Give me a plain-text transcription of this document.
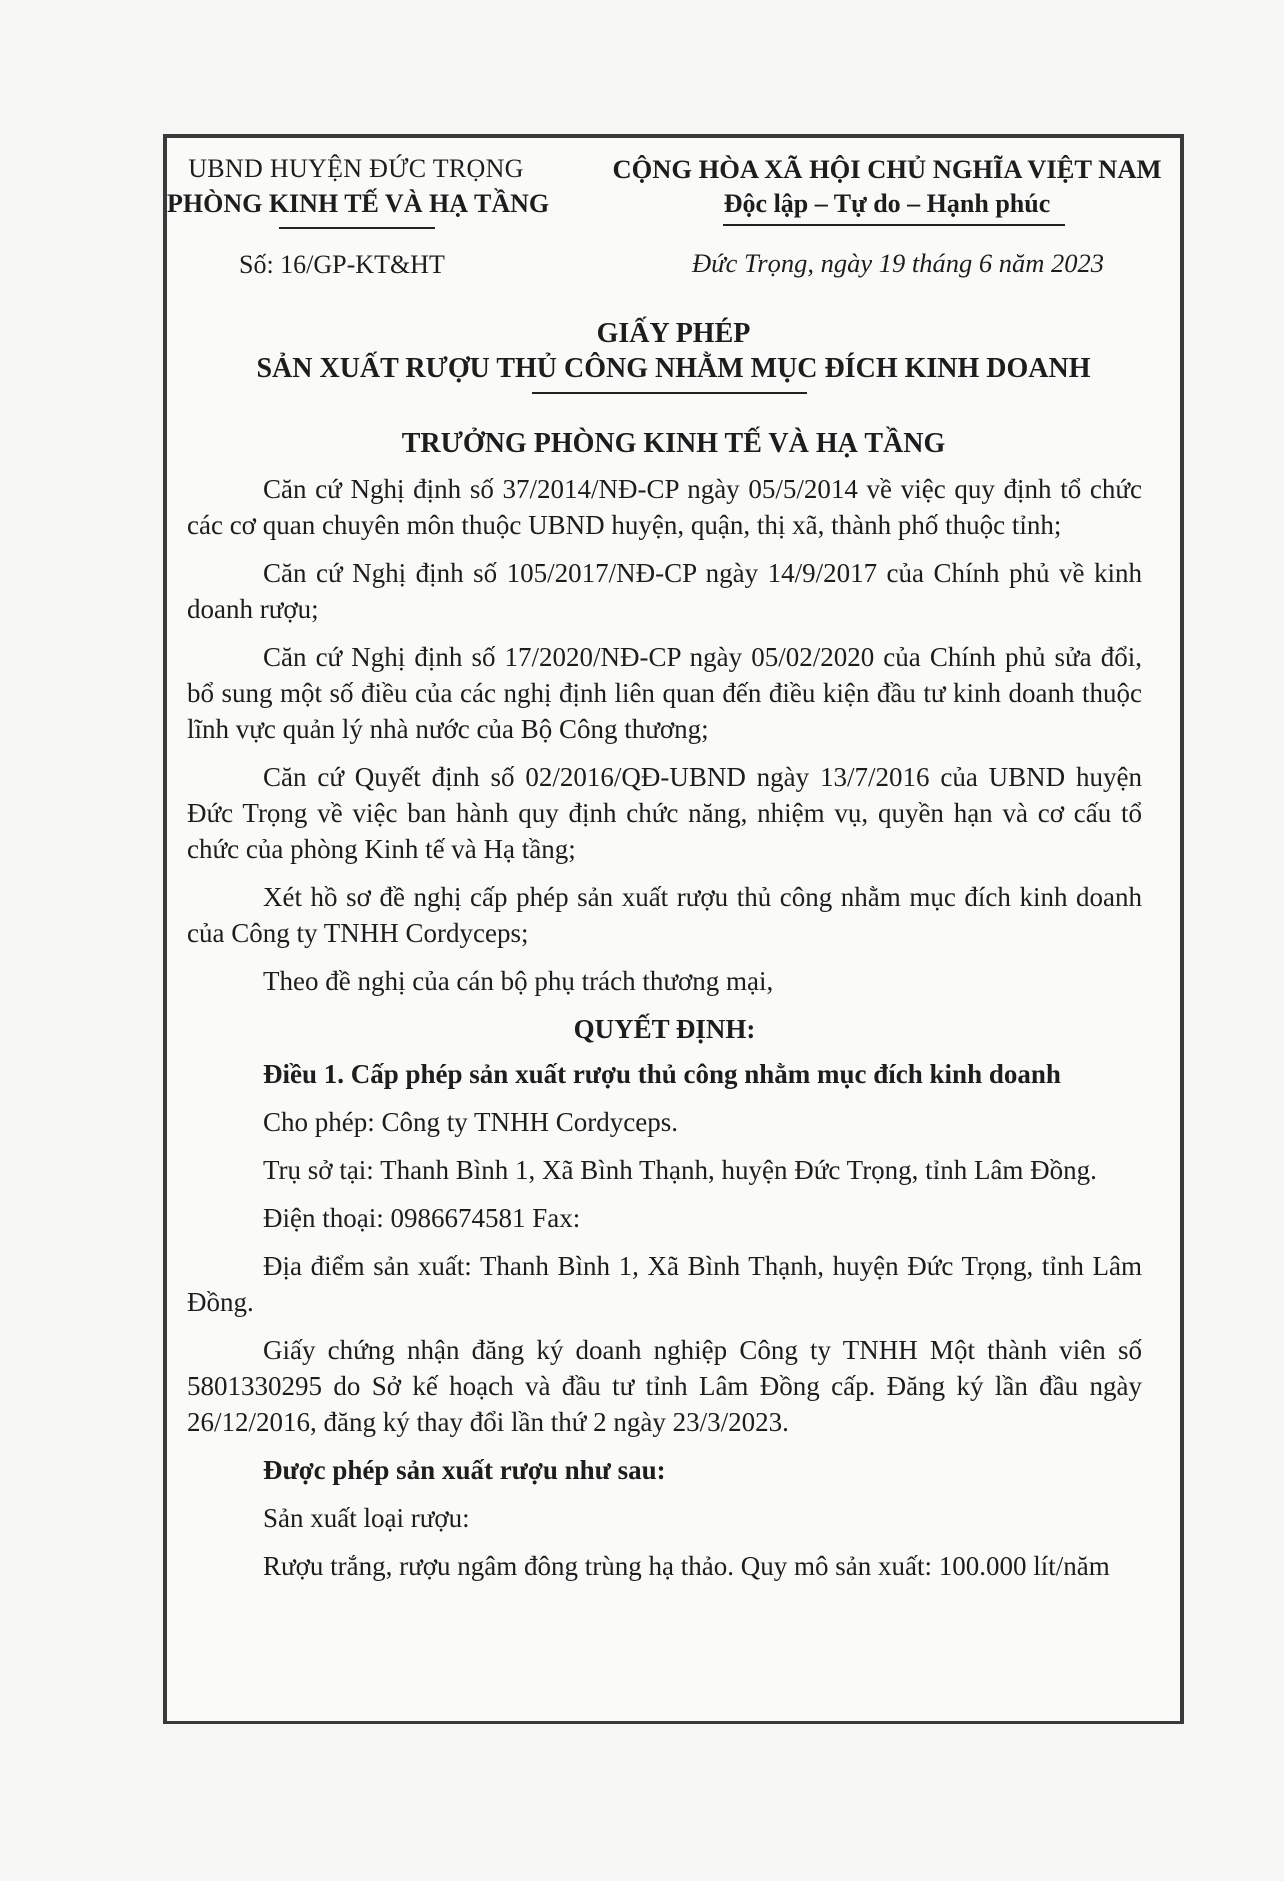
UBND HUYỆN ĐỨC TRỌNG
PHÒNG KINH TẾ VÀ HẠ TẦNG
CỘNG HÒA XÃ HỘI CHỦ NGHĨA VIỆT NAM
Độc lập – Tự do – Hạnh phúc
Số: 16/GP-KT&HT	Đức Trọng, ngày 19 tháng 6 năm 2023
GIẤY PHÉP
SẢN XUẤT RƯỢU THỦ CÔNG NHẰM MỤC ĐÍCH KINH DOANH
TRƯỞNG PHÒNG KINH TẾ VÀ HẠ TẦNG

Căn cứ Nghị định số 37/2014/NĐ-CP ngày 05/5/2014 về việc quy định tổ chức các cơ quan chuyên môn thuộc UBND huyện, quận, thị xã, thành phố thuộc tỉnh;

Căn cứ Nghị định số 105/2017/NĐ-CP ngày 14/9/2017 của Chính phủ về kinh doanh rượu;

Căn cứ Nghị định số 17/2020/NĐ-CP ngày 05/02/2020 của Chính phủ sửa đổi, bổ sung một số điều của các nghị định liên quan đến điều kiện đầu tư kinh doanh thuộc lĩnh vực quản lý nhà nước của Bộ Công thương;

Căn cứ Quyết định số 02/2016/QĐ-UBND ngày 13/7/2016 của UBND huyện Đức Trọng về việc ban hành quy định chức năng, nhiệm vụ, quyền hạn và cơ cấu tổ chức của phòng Kinh tế và Hạ tầng;

Xét hồ sơ đề nghị cấp phép sản xuất rượu thủ công nhằm mục đích kinh doanh của Công ty TNHH Cordyceps;

Theo đề nghị của cán bộ phụ trách thương mại,

QUYẾT ĐỊNH:

Điều 1. Cấp phép sản xuất rượu thủ công nhằm mục đích kinh doanh

Cho phép: Công ty TNHH Cordyceps.

Trụ sở tại: Thanh Bình 1, Xã Bình Thạnh, huyện Đức Trọng, tỉnh Lâm Đồng.

Điện thoại: 0986674581 Fax:

Địa điểm sản xuất: Thanh Bình 1, Xã Bình Thạnh, huyện Đức Trọng, tỉnh Lâm Đồng.

Giấy chứng nhận đăng ký doanh nghiệp Công ty TNHH Một thành viên số 5801330295 do Sở kế hoạch và đầu tư tỉnh Lâm Đồng cấp. Đăng ký lần đầu ngày 26/12/2016, đăng ký thay đổi lần thứ 2 ngày 23/3/2023.

Được phép sản xuất rượu như sau:

Sản xuất loại rượu:

Rượu trắng, rượu ngâm đông trùng hạ thảo. Quy mô sản xuất: 100.000 lít/năm
